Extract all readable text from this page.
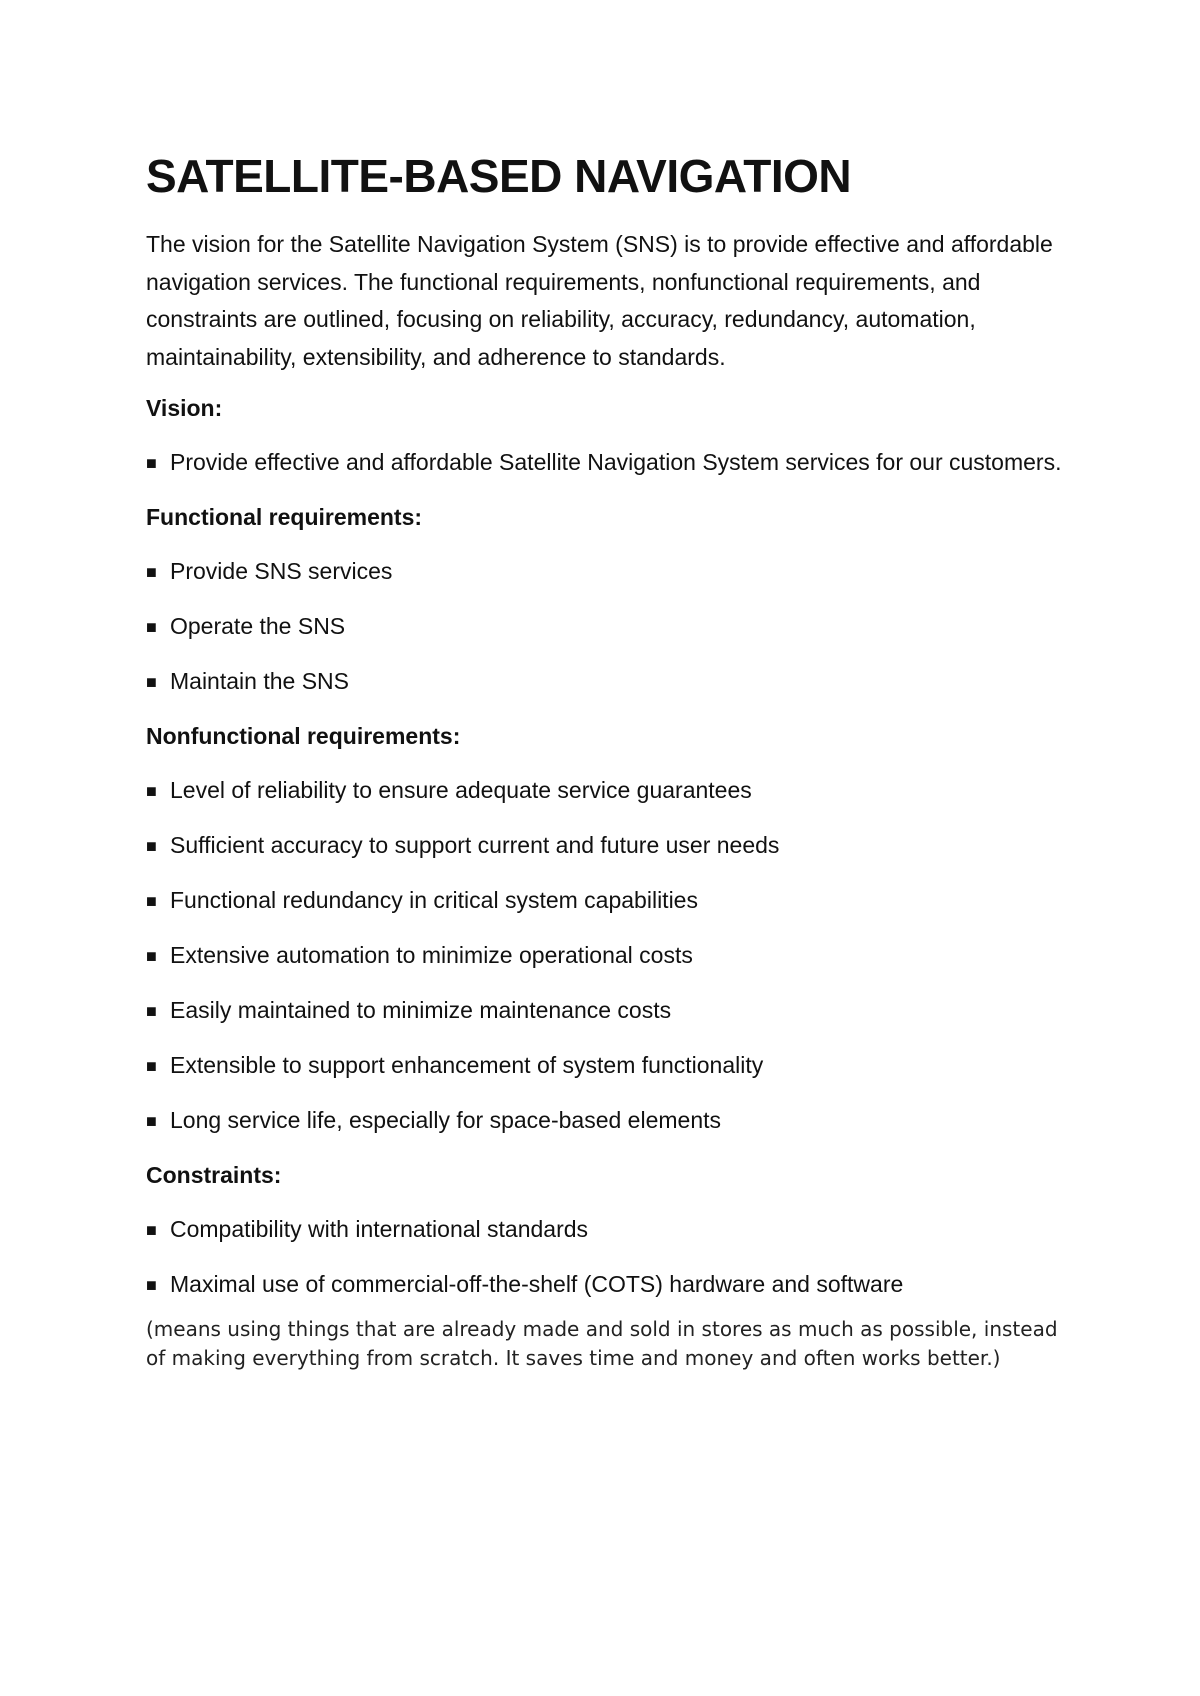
SATELLITE-BASED NAVIGATION

The vision for the Satellite Navigation System (SNS) is to provide effective and affordable navigation services. The functional requirements, nonfunctional requirements, and constraints are outlined, focusing on reliability, accuracy, redundancy, automation, maintainability, extensibility, and adherence to standards.

Vision:
■ Provide effective and affordable Satellite Navigation System services for our customers.
Functional requirements:
■ Provide SNS services
■ Operate the SNS
■ Maintain the SNS
Nonfunctional requirements:
■ Level of reliability to ensure adequate service guarantees
■ Sufficient accuracy to support current and future user needs
■ Functional redundancy in critical system capabilities
■ Extensive automation to minimize operational costs
■ Easily maintained to minimize maintenance costs
■ Extensible to support enhancement of system functionality
■ Long service life, especially for space-based elements
Constraints:
■ Compatibility with international standards
■ Maximal use of commercial-off-the-shelf (COTS) hardware and software

(means using things that are already made and sold in stores as much as possible, instead of making everything from scratch. It saves time and money and often works better.)
